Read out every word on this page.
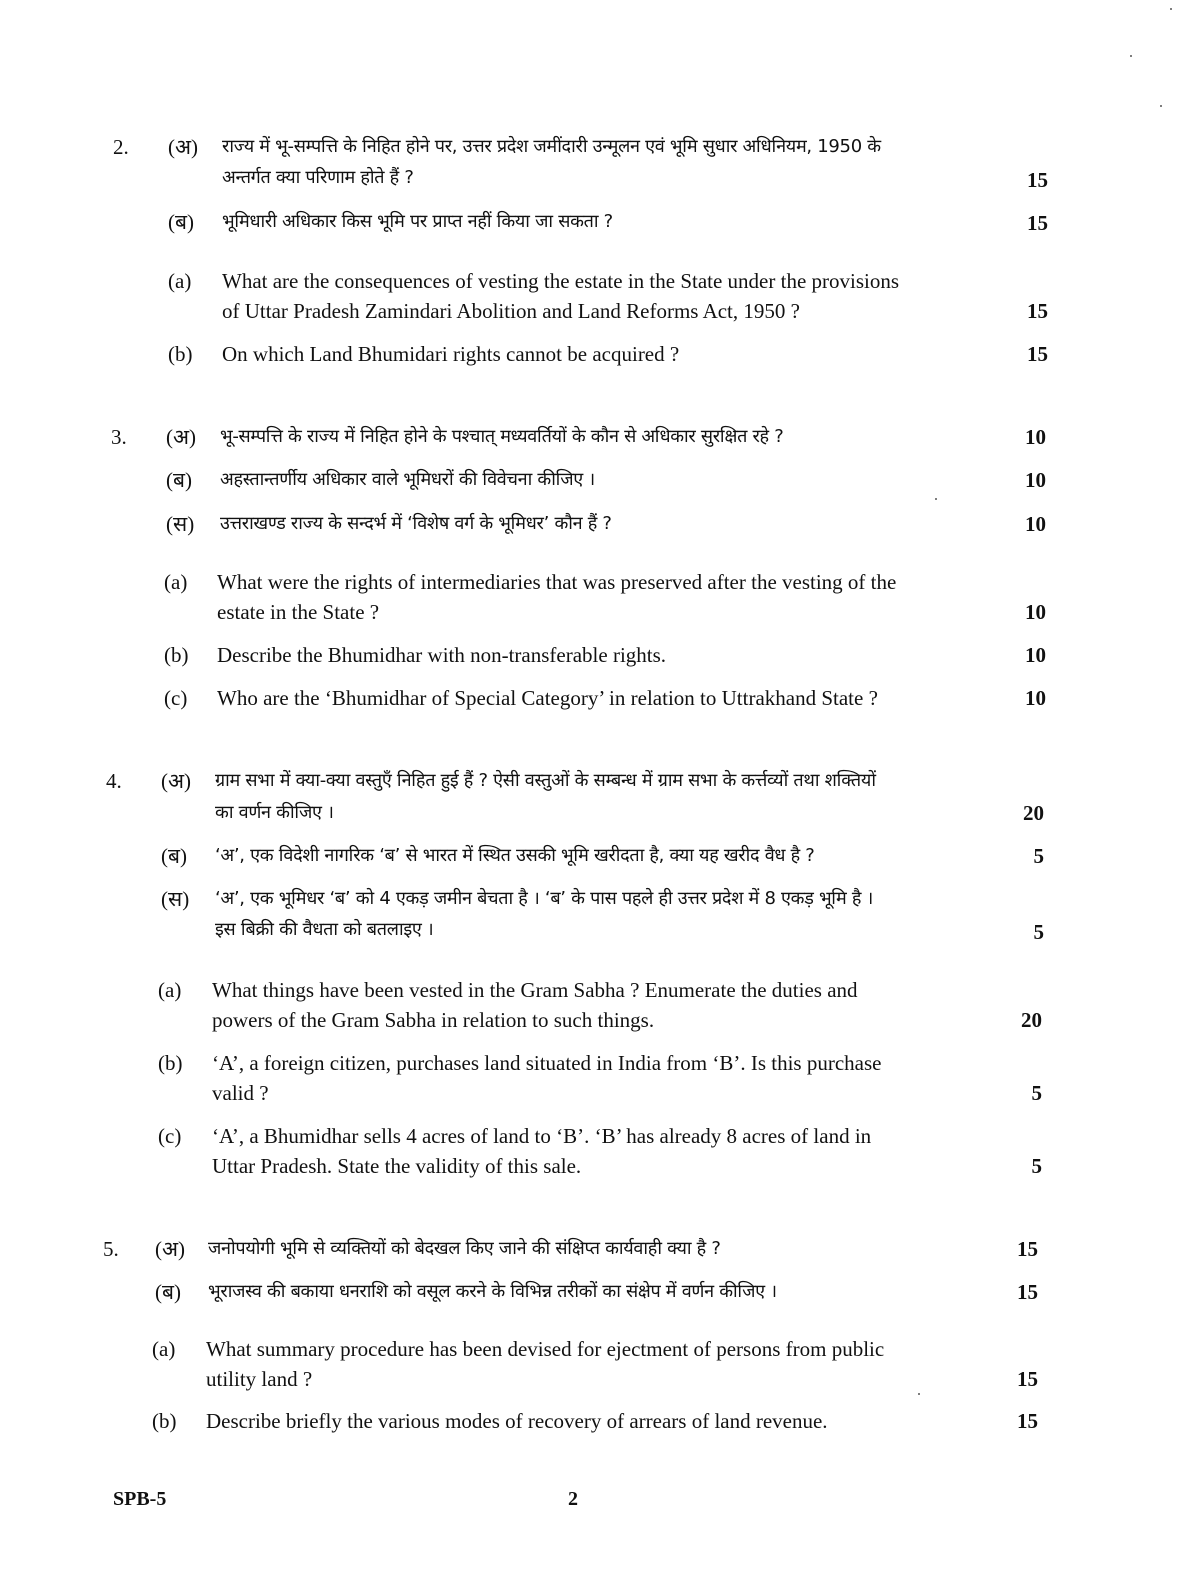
2. (अ) राज्य में भू-सम्पत्ति के निहित होने पर, उत्तर प्रदेश जमींदारी उन्मूलन एवं भूमि सुधार अधिनियम, 1950 के
अन्तर्गत क्या परिणाम होते हैं ?	15
(ब) भूमिधारी अधिकार किस भूमि पर प्राप्त नहीं किया जा सकता ?	15
(a) What are the consequences of vesting the estate in the State under the provisions
of Uttar Pradesh Zamindari Abolition and Land Reforms Act, 1950 ?	15
(b) On which Land Bhumidari rights cannot be acquired ?	15
3. (अ) भू-सम्पत्ति के राज्य में निहित होने के पश्चात् मध्यवर्तियों के कौन से अधिकार सुरक्षित रहे ?	10
(ब) अहस्तान्तर्णीय अधिकार वाले भूमिधरों की विवेचना कीजिए ।	10
(स) उत्तराखण्ड राज्य के सन्दर्भ में ‘विशेष वर्ग के भूमिधर’ कौन हैं ?	10
(a) What were the rights of intermediaries that was preserved after the vesting of the
estate in the State ?	10
(b) Describe the Bhumidhar with non-transferable rights.	10
(c) Who are the ‘Bhumidhar of Special Category’ in relation to Uttrakhand State ?	10
4. (अ) ग्राम सभा में क्या-क्या वस्तुएँ निहित हुई हैं ? ऐसी वस्तुओं के सम्बन्ध में ग्राम सभा के कर्त्तव्यों तथा शक्तियों
का वर्णन कीजिए ।	20
(ब) ‘अ’, एक विदेशी नागरिक ‘ब’ से भारत में स्थित उसकी भूमि खरीदता है, क्या यह खरीद वैध है ?	5
(स) ‘अ’, एक भूमिधर ‘ब’ को 4 एकड़ जमीन बेचता है । ‘ब’ के पास पहले ही उत्तर प्रदेश में 8 एकड़ भूमि है ।
इस बिक्री की वैधता को बतलाइए ।	5
(a) What things have been vested in the Gram Sabha ? Enumerate the duties and
powers of the Gram Sabha in relation to such things.	20
(b) ‘A’, a foreign citizen, purchases land situated in India from ‘B’. Is this purchase
valid ?	5
(c) ‘A’, a Bhumidhar sells 4 acres of land to ‘B’. ‘B’ has already 8 acres of land in
Uttar Pradesh. State the validity of this sale.	5
5. (अ) जनोपयोगी भूमि से व्यक्तियों को बेदखल किए जाने की संक्षिप्त कार्यवाही क्या है ?	15
(ब) भूराजस्व की बकाया धनराशि को वसूल करने के विभिन्न तरीकों का संक्षेप में वर्णन कीजिए ।	15
(a) What summary procedure has been devised for ejectment of persons from public
utility land ?	15
(b) Describe briefly the various modes of recovery of arrears of land revenue.	15
SPB-5	2
